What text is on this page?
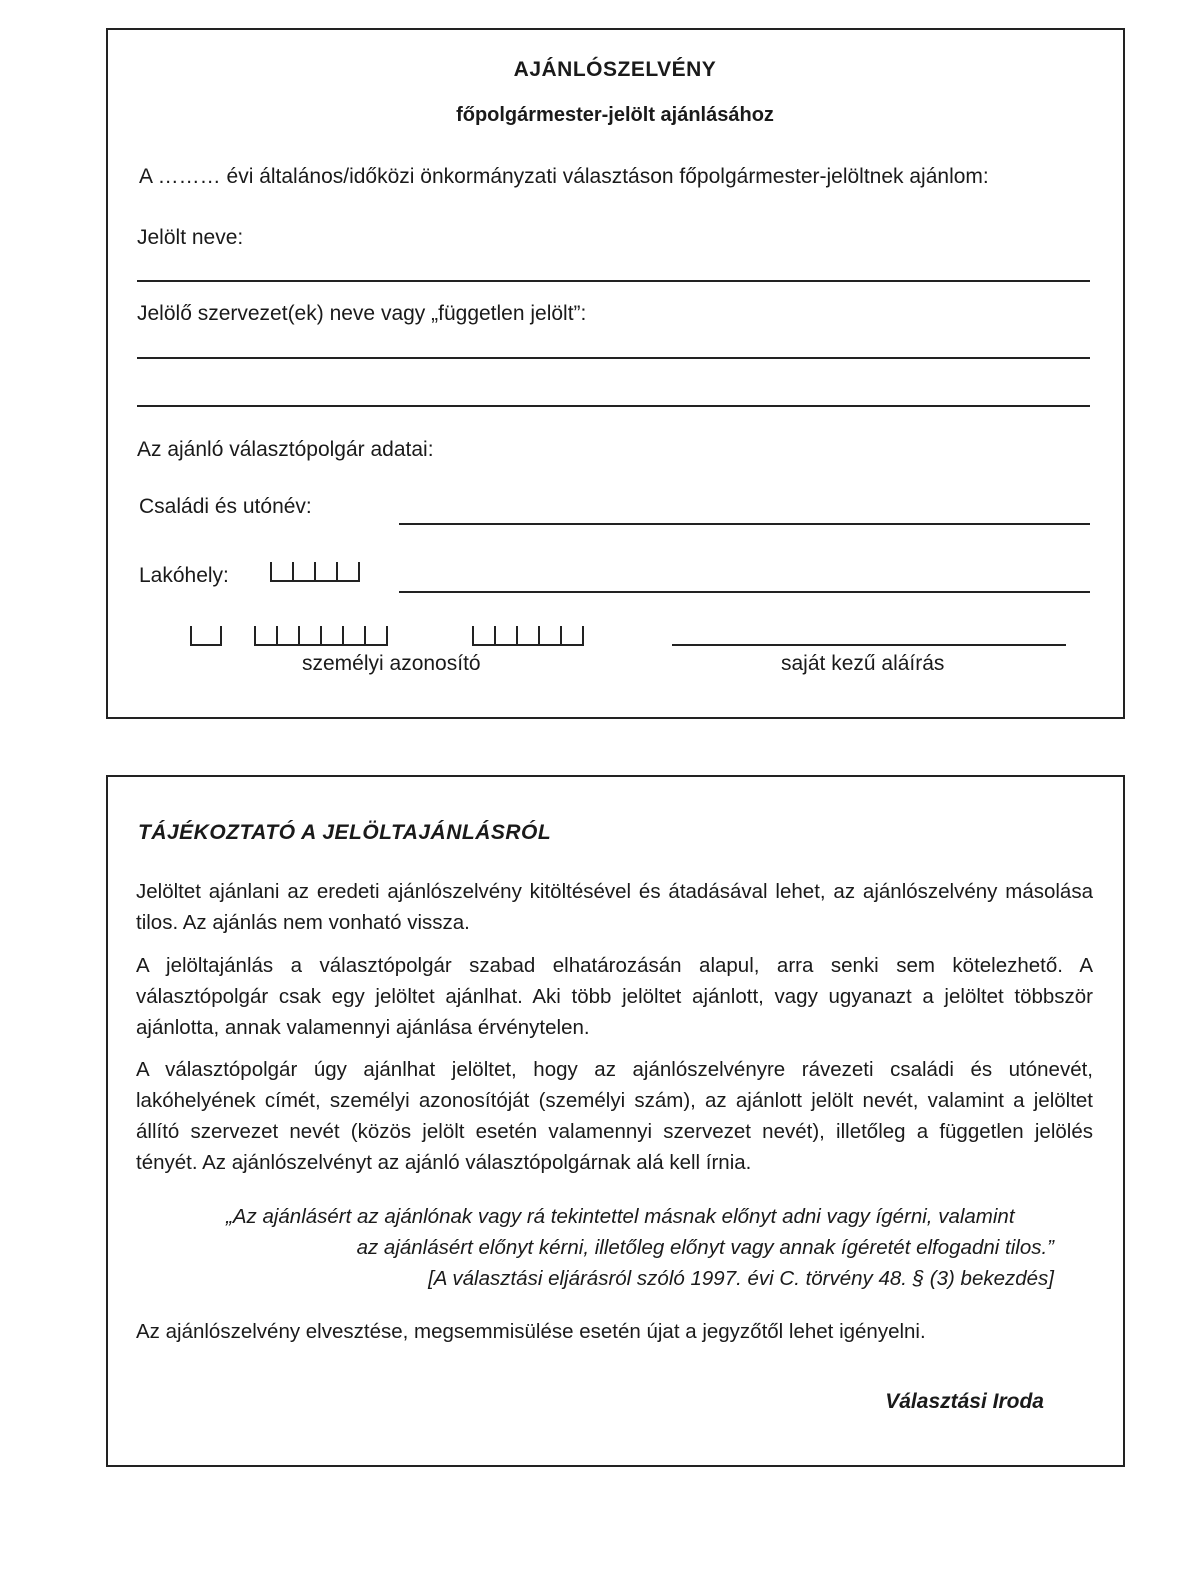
AJÁNLÓSZELVÉNY
főpolgármester-jelölt ajánlásához
A ……… évi általános/időközi önkormányzati választáson főpolgármester-jelöltnek ajánlom:
Jelölt neve:
Jelölő szervezet(ek) neve vagy „független jelölt”:
Az ajánló választópolgár adatai:
Családi és utónév:
Lakóhely:
személyi azonosító	saját kezű aláírás
TÁJÉKOZTATÓ A JELÖLTAJÁNLÁSRÓL
Jelöltet ajánlani az eredeti ajánlószelvény kitöltésével és átadásával lehet, az ajánlószelvény másolása tilos. Az ajánlás nem vonható vissza.
A jelöltajánlás a választópolgár szabad elhatározásán alapul, arra senki sem kötelezhető. A választópolgár csak egy jelöltet ajánlhat. Aki több jelöltet ajánlott, vagy ugyanazt a jelöltet többször ajánlotta, annak valamennyi ajánlása érvénytelen.
A választópolgár úgy ajánlhat jelöltet, hogy az ajánlószelvényre rávezeti családi és utónevét, lakóhelyének címét, személyi azonosítóját (személyi szám), az ajánlott jelölt nevét, valamint a jelöltet állító szervezet nevét (közös jelölt esetén valamennyi szervezet nevét), illetőleg a független jelölés tényét. Az ajánlószelvényt az ajánló választópolgárnak alá kell írnia.
„Az ajánlásért az ajánlónak vagy rá tekintettel másnak előnyt adni vagy ígérni, valamint
az ajánlásért előnyt kérni, illetőleg előnyt vagy annak ígéretét elfogadni tilos.”
[A választási eljárásról szóló 1997. évi C. törvény 48. § (3) bekezdés]
Az ajánlószelvény elvesztése, megsemmisülése esetén újat a jegyzőtől lehet igényelni.
Választási Iroda
